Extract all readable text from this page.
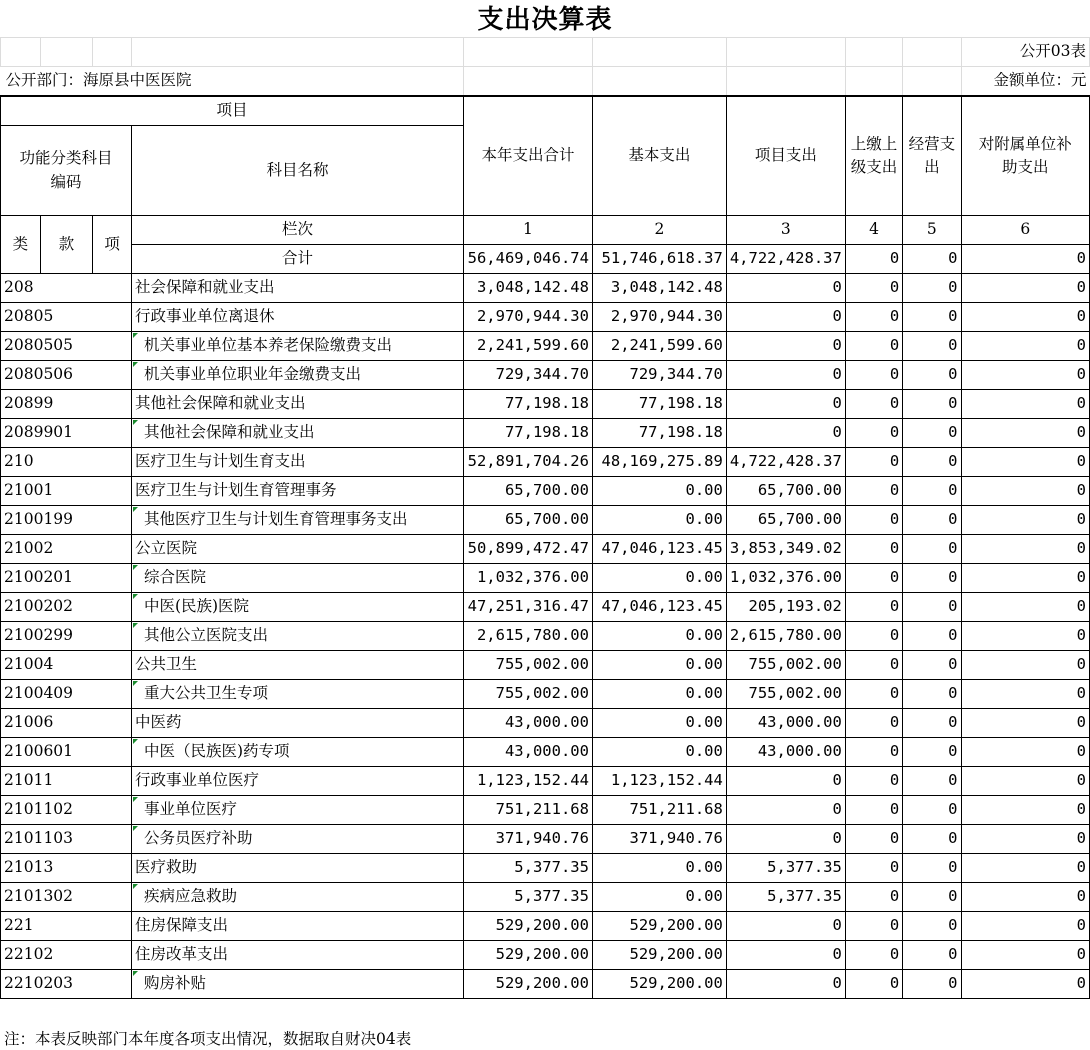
支出决算表
									公开03表
公开部门：海原县中医医院									金额单位：元
项目				本年支出合计	基本支出	项目支出	上缴上级支出	经营支出	对附属单位补助支出
功能分类科目编码			科目名称						

类	款	项	栏次	1	2	3	4	5	6
			合计	56,469,046.74	51,746,618.37	4,722,428.37	0	0	0
208			社会保障和就业支出	3,048,142.48	3,048,142.48	0	0	0	0
20805			行政事业单位离退休	2,970,944.30	2,970,944.30	0	0	0	0
2080505			机关事业单位基本养老保险缴费支出	2,241,599.60	2,241,599.60	0	0	0	0
2080506			机关事业单位职业年金缴费支出	729,344.70	729,344.70	0	0	0	0
20899			其他社会保障和就业支出	77,198.18	77,198.18	0	0	0	0
2089901			其他社会保障和就业支出	77,198.18	77,198.18	0	0	0	0
210			医疗卫生与计划生育支出	52,891,704.26	48,169,275.89	4,722,428.37	0	0	0
21001			医疗卫生与计划生育管理事务	65,700.00	0.00	65,700.00	0	0	0
2100199			其他医疗卫生与计划生育管理事务支出	65,700.00	0.00	65,700.00	0	0	0
21002			公立医院	50,899,472.47	47,046,123.45	3,853,349.02	0	0	0
2100201			综合医院	1,032,376.00	0.00	1,032,376.00	0	0	0
2100202			中医(民族)医院	47,251,316.47	47,046,123.45	205,193.02	0	0	0
2100299			其他公立医院支出	2,615,780.00	0.00	2,615,780.00	0	0	0
21004			公共卫生	755,002.00	0.00	755,002.00	0	0	0
2100409			重大公共卫生专项	755,002.00	0.00	755,002.00	0	0	0
21006			中医药	43,000.00	0.00	43,000.00	0	0	0
2100601			中医（民族医)药专项	43,000.00	0.00	43,000.00	0	0	0
21011			行政事业单位医疗	1,123,152.44	1,123,152.44	0	0	0	0
2101102			事业单位医疗	751,211.68	751,211.68	0	0	0	0
2101103			公务员医疗补助	371,940.76	371,940.76	0	0	0	0
21013			医疗救助	5,377.35	0.00	5,377.35	0	0	0
2101302			疾病应急救助	5,377.35	0.00	5,377.35	0	0	0
221			住房保障支出	529,200.00	529,200.00	0	0	0	0
22102			住房改革支出	529,200.00	529,200.00	0	0	0	0
2210203			购房补贴	529,200.00	529,200.00	0	0	0	0
注：本表反映部门本年度各项支出情况，数据取自财决04表
